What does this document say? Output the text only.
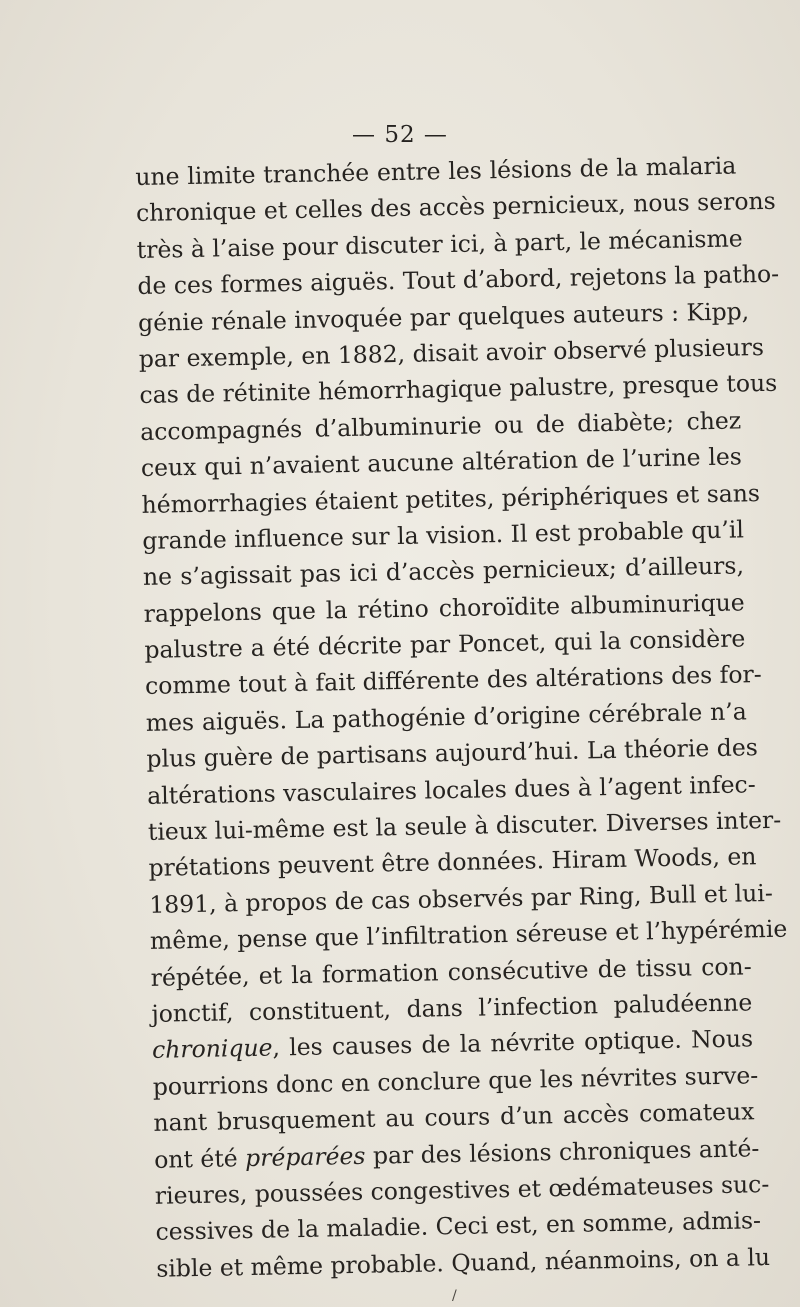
— 52 —
une limite tranchée entre les lésions de la malaria
chronique et celles des accès pernicieux, nous serons
très à l’aise pour discuter ici, à part, le mécanisme
de ces formes aiguës. Tout d’abord, rejetons la patho-
génie rénale invoquée par quelques auteurs : Kipp,
par exemple, en 1882, disait avoir observé plusieurs
cas de rétinite hémorrhagique palustre, presque tous
accompagnés d’albuminurie ou de diabète; chez
ceux qui n’avaient aucune altération de l’urine les
hémorrhagies étaient petites, périphériques et sans
grande influence sur la vision. Il est probable qu’il
ne s’agissait pas ici d’accès pernicieux; d’ailleurs,
rappelons que la rétino choroïdite albuminurique
palustre a été décrite par Poncet, qui la considère
comme tout à fait différente des altérations des for-
mes aiguës. La pathogénie d’origine cérébrale n’a
plus guère de partisans aujourd’hui. La théorie des
altérations vasculaires locales dues à l’agent infec-
tieux lui-même est la seule à discuter. Diverses inter-
prétations peuvent être données. Hiram Woods, en
1891, à propos de cas observés par Ring, Bull et lui-
même, pense que l’infiltration séreuse et l’hypérémie
répétée, et la formation consécutive de tissu con-
jonctif, constituent, dans l’infection paludéenne
chronique, les causes de la névrite optique. Nous
pourrions donc en conclure que les névrites surve-
nant brusquement au cours d’un accès comateux
ont été préparées par des lésions chroniques anté-
rieures, poussées congestives et œdémateuses suc-
cessives de la maladie. Ceci est, en somme, admis-
sible et même probable. Quand, néanmoins, on a lu
/
